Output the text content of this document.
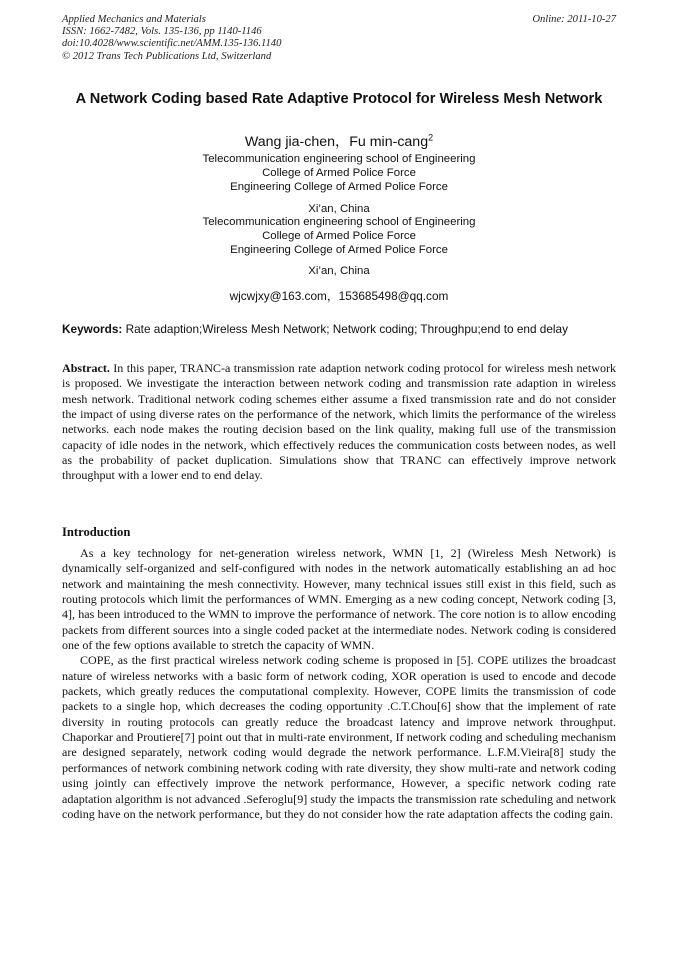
Applied Mechanics and Materials
ISSN: 1662-7482, Vols. 135-136, pp 1140-1146
doi:10.4028/www.scientific.net/AMM.135-136.1140
© 2012 Trans Tech Publications Ltd, Switzerland
Online: 2011-10-27
A Network Coding based Rate Adaptive Protocol for Wireless Mesh Network
Wang jia-chen，Fu min-cang$^2$
Telecommunication engineering school of Engineering
College of Armed Police Force
Engineering College of Armed Police Force
Xi’an, China
Telecommunication engineering school of Engineering
College of Armed Police Force
Engineering College of Armed Police Force
Xi’an, China
wjcwjxy@163.com，153685498@qq.com
Keywords: Rate adaption;Wireless Mesh Network; Network coding; Throughpu;end to end delay

Abstract. In this paper, TRANC-a transmission rate adaption network coding protocol for wireless mesh network is proposed. We investigate the interaction between network coding and transmission rate adaption in wireless mesh network. Traditional network coding schemes either assume a fixed transmission rate and do not consider the impact of using diverse rates on the performance of the network, which limits the performance of the wireless networks. each node makes the routing decision based on the link quality, making full use of the transmission capacity of idle nodes in the network, which effectively reduces the communication costs between nodes, as well as the probability of packet duplication. Simulations show that TRANC can effectively improve network throughput with a lower end to end delay.

Introduction

As a key technology for net-generation wireless network, WMN [1, 2] (Wireless Mesh Network) is dynamically self-organized and self-configured with nodes in the network automatically establishing an ad hoc network and maintaining the mesh connectivity. However, many technical issues still exist in this field, such as routing protocols which limit the performances of WMN. Emerging as a new coding concept, Network coding [3, 4], has been introduced to the WMN to improve the performance of network. The core notion is to allow encoding packets from different sources into a single coded packet at the intermediate nodes. Network coding is considered one of the few options available to stretch the capacity of WMN.

COPE, as the first practical wireless network coding scheme is proposed in [5]. COPE utilizes the broadcast nature of wireless networks with a basic form of network coding, XOR operation is used to encode and decode packets, which greatly reduces the computational complexity. However, COPE limits the transmission of code packets to a single hop, which decreases the coding opportunity .C.T.Chou[6] show that the implement of rate diversity in routing protocols can greatly reduce the broadcast latency and improve network throughput. Chaporkar and Proutiere[7] point out that in multi-rate environment, If network coding and scheduling mechanism are designed separately, network coding would degrade the network performance. L.F.M.Vieira[8] study the performances of network combining network coding with rate diversity, they show multi-rate and network coding using jointly can effectively improve the network performance, However, a specific network coding rate adaptation algorithm is not advanced .Seferoglu[9] study the impacts the transmission rate scheduling and network coding have on the network performance, but they do not consider how the rate adaptation affects the coding gain.
